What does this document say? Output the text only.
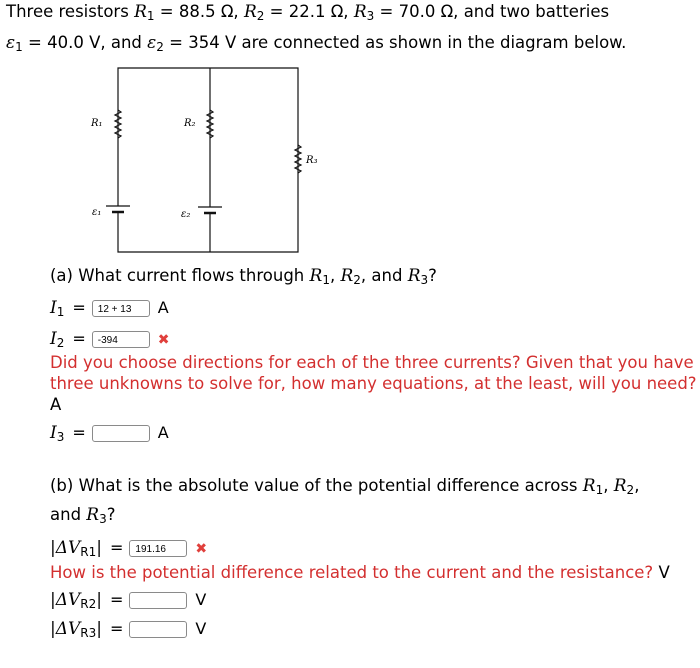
Three resistors $R_1 = 88.5$ Ω, $R_2 = 22.1$ Ω, $R_3 = 70.0$ Ω, and two batteries
$\varepsilon_1 = 40.0$ V, and $\varepsilon_2 = 354$ V are connected as shown in the diagram below.
R₁	R₂
R₃
ε₁	ε₂
(a) What current flows through $R_1$, $R_2$, and $R_3$?
$I_1 = 12 + 13$ A
$I_2 = -394$	✖
Did you choose directions for each of the three currents? Given that you have three unknowns to solve for, how many equations, at the least, will you need? A
$I_3$ =	A
(b) What is the absolute value of the potential difference across $R_1$, $R_2$,
and $R_3$?
$|\Delta V_{R1}| = 191.16$ ✖
How is the potential difference related to the current and the resistance? V
$|\Delta V_{R2}|$ =	V
$|\Delta V_{R3}|$ =	V
